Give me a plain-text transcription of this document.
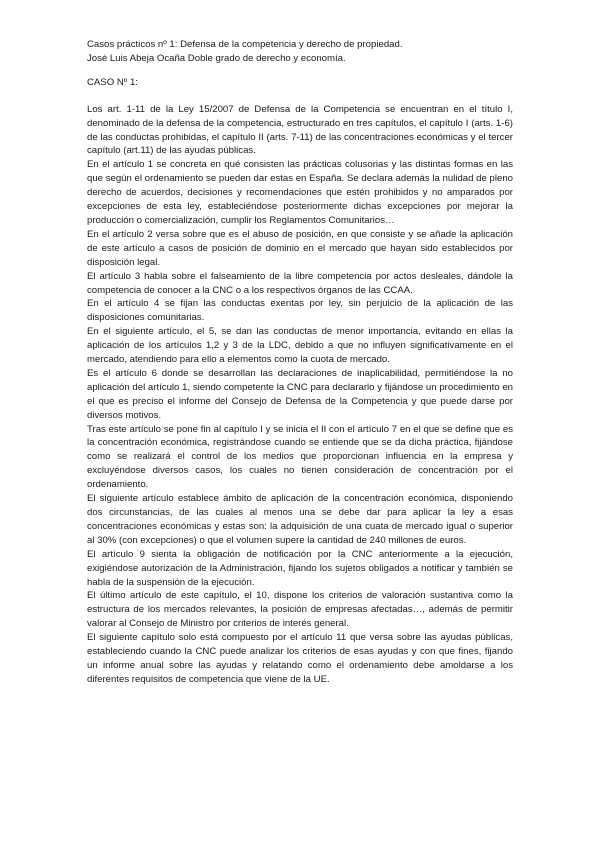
Casos prácticos nº 1: Defensa de la competencia y derecho de propiedad.

José Luis Abeja Ocaña Doble grado de derecho y economía.

CASO Nº 1:

Los art. 1-11 de la Ley 15/2007 de Defensa de la Competencia se encuentran en el título I, denominado de la defensa de la competencia, estructurado en tres capítulos, el capítulo I (arts. 1-6) de las conductas prohibidas, el capítulo II (arts. 7-11) de las concentraciones económicas y el tercer capítulo (art.11) de las ayudas públicas.

En el artículo 1 se concreta en qué consisten las prácticas colusorias y las distintas formas en las que según el ordenamiento se pueden dar estas en España. Se declara además la nulidad de pleno derecho de acuerdos, decisiones y recomendaciones que estén prohibidos y no amparados por excepciones de esta ley, estableciéndose posteriormente dichas excepciones por mejorar la producción o comercialización, cumplir los Reglamentos Comunitarios…

En el artículo 2 versa sobre que es el abuso de posición, en que consiste y se añade la aplicación de este artículo a casos de posición de dominio en el mercado que hayan sido establecidos por disposición legal.

El artículo 3 habla sobre el falseamiento de la libre competencia por actos desleales, dándole la competencia de conocer a la CNC o a los respectivos órganos de las CCAA.

En el artículo 4 se fijan las conductas exentas por ley, sin perjuicio de la aplicación de las disposiciones comunitarias.

En el siguiente artículo, el 5, se dan las conductas de menor importancia, evitando en ellas la aplicación de los artículos 1,2 y 3 de la LDC, debido a que no influyen significativamente en el mercado, atendiendo para ello a elementos como la cuota de mercado.

Es el artículo 6 donde se desarrollan las declaraciones de inaplicabilidad, permitiéndose la no aplicación del artículo 1, siendo competente la CNC para declararlo y fijándose un procedimiento en el que es preciso el informe del Consejo de Defensa de la Competencia y que puede darse por diversos motivos.

Tras este artículo se pone fin al capítulo I y se inicia el II con el artículo 7 en el que se define que es la concentración económica, registrándose cuando se entiende que se da dicha práctica, fijándose como se realizará el control de los medios que proporcionan influencia en la empresa y excluyéndose diversos casos, los cuales no tienen consideración de concentración por el ordenamiento.

El siguiente artículo establece ámbito de aplicación de la concentración económica, disponiendo dos circunstancias, de las cuales al menos una se debe dar para aplicar la ley a esas concentraciones económicas y estas son: la adquisición de una cuata de mercado igual o superior al 30% (con excepciones) o que el volumen supere la cantidad de 240 millones de euros.

El artículo 9 sienta la obligación de notificación por la CNC anteriormente a la ejecución, exigiéndose autorización de la Administración, fijando los sujetos obligados a notificar y también se habla de la suspensión de la ejecución.

El último artículo de este capítulo, el 10, dispone los criterios de valoración sustantiva como la estructura de los mercados relevantes, la posición de empresas afectadas…, además de permitir valorar al Consejo de Ministro por criterios de interés general.

El siguiente capítulo solo está compuesto por el artículo 11 que versa sobre las ayudas públicas, estableciendo cuando la CNC puede analizar los criterios de esas ayudas y con que fines, fijando un informe anual sobre las ayudas y relatando como el ordenamiento debe amoldarse a los diferentes requisitos de competencia que viene de la UE.
